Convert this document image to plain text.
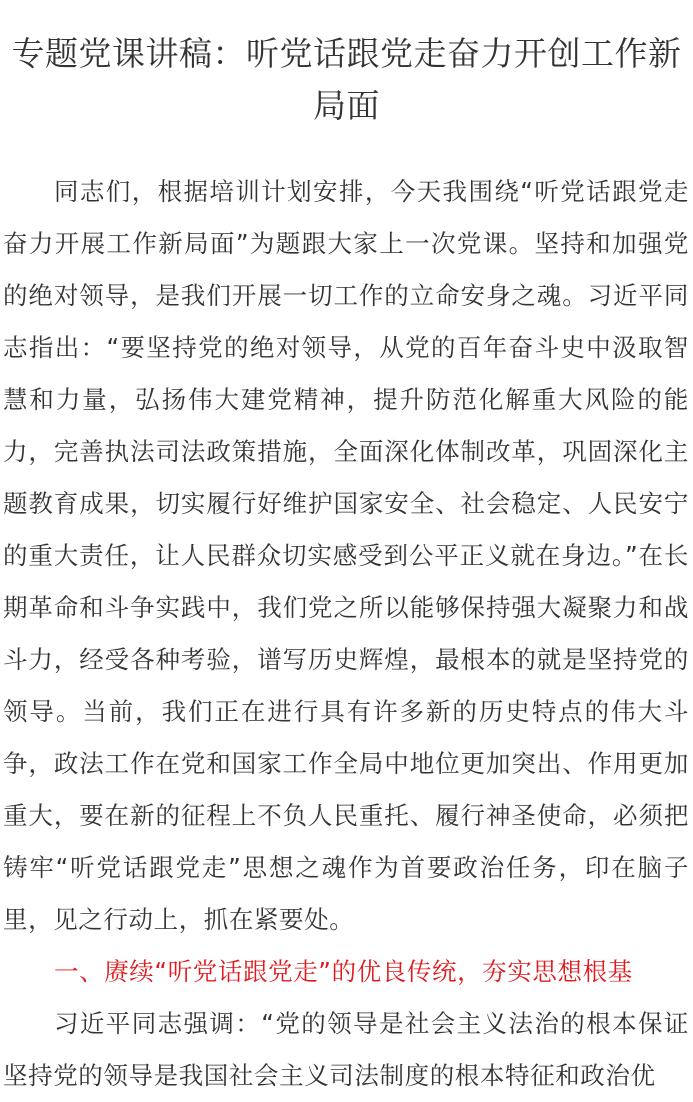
专题党课讲稿：听党话跟党走奋力开创工作新局面

同志们，根据培训计划安排，今天我围绕“听党话跟党走奋力开展工作新局面”为题跟大家上一次党课。坚持和加强党的绝对领导，是我们开展一切工作的立命安身之魂。习近平同志指出：“要坚持党的绝对领导，从党的百年奋斗史中汲取智慧和力量，弘扬伟大建党精神，提升防范化解重大风险的能力，完善执法司法政策措施，全面深化体制改革，巩固深化主题教育成果，切实履行好维护国家安全、社会稳定、人民安宁的重大责任，让人民群众切实感受到公平正义就在身边。”在长期革命和斗争实践中，我们党之所以能够保持强大凝聚力和战斗力，经受各种考验，谱写历史辉煌，最根本的就是坚持党的领导。当前，我们正在进行具有许多新的历史特点的伟大斗争，政法工作在党和国家工作全局中地位更加突出、作用更加重大，要在新的征程上不负人民重托、履行神圣使命，必须把铸牢“听党话跟党走”思想之魂作为首要政治任务，印在脑子里，见之行动上，抓在紧要处。

一、赓续“听党话跟党走”的优良传统，夯实思想根基

习近平同志强调：“党的领导是社会主义法治的根本保证坚持党的领导是我国社会主义司法制度的根本特征和政治优
